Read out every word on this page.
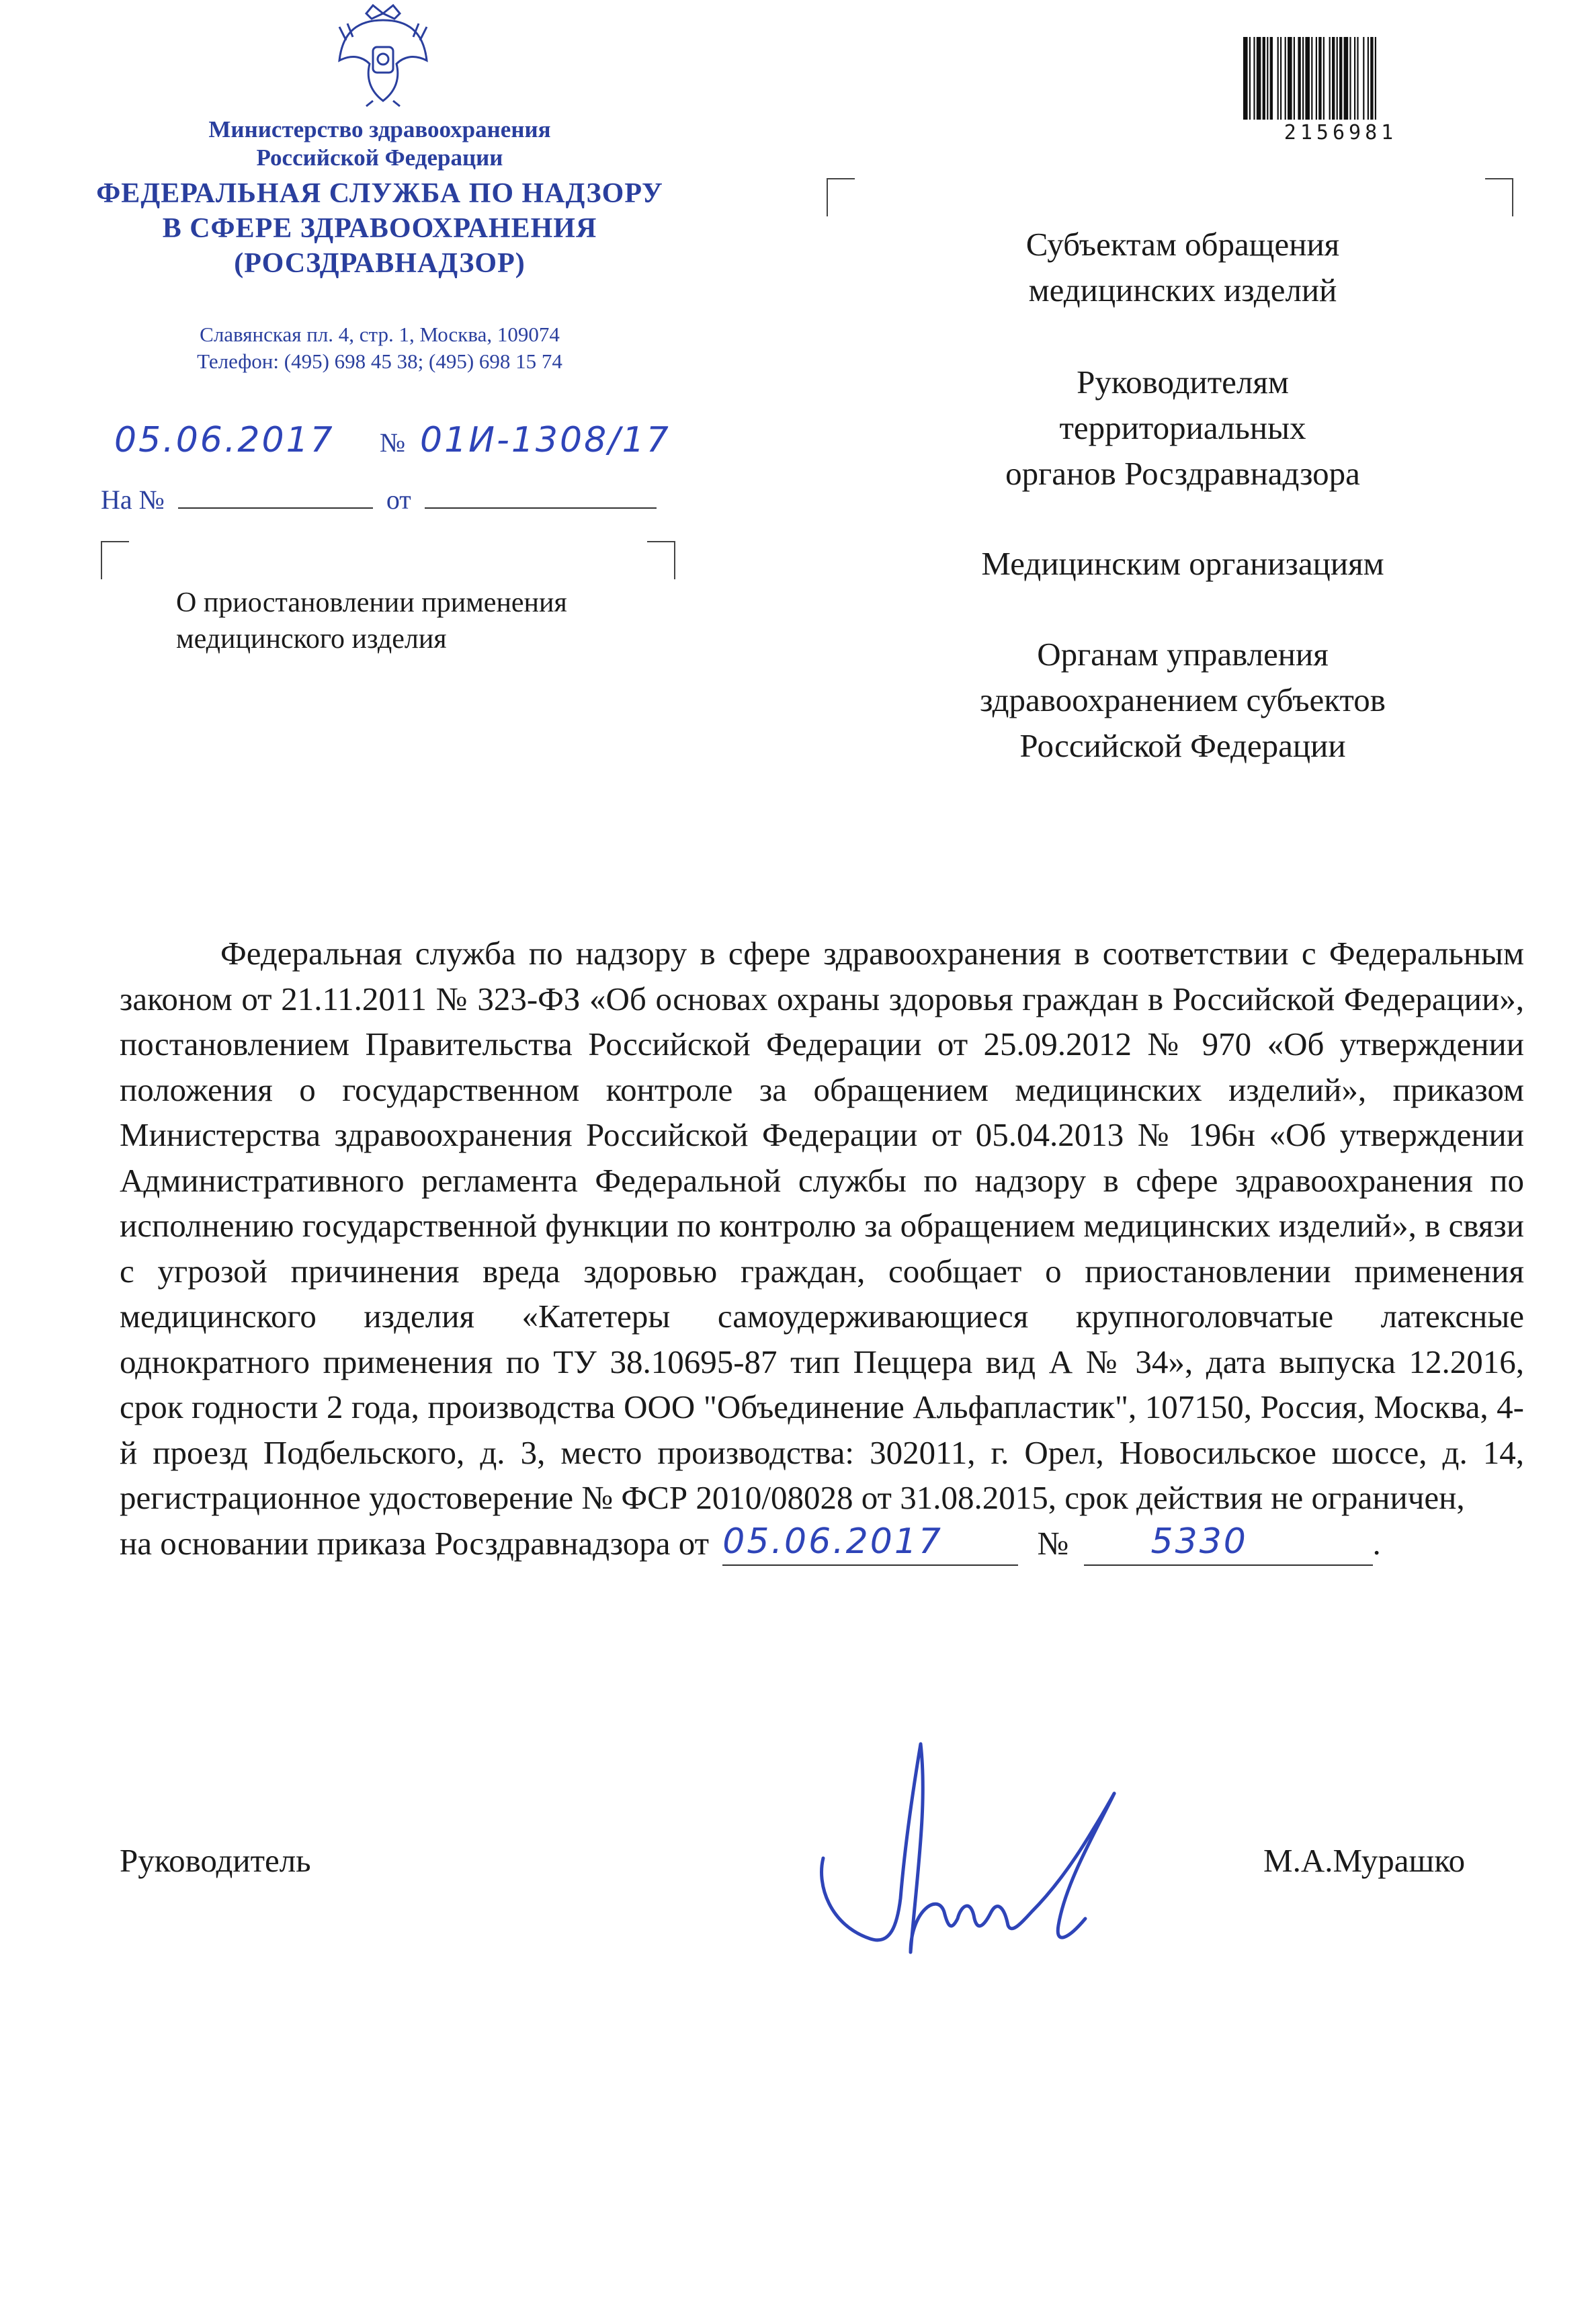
Министерство здравоохранения
Российской Федерации
ФЕДЕРАЛЬНАЯ СЛУЖБА ПО НАДЗОРУ
В СФЕРЕ ЗДРАВООХРАНЕНИЯ
(РОСЗДРАВНАДЗОР)
Славянская пл. 4, стр. 1, Москва, 109074
Телефон: (495) 698 45 38; (495) 698 15 74
05.06.2017 № 01И-1308/17
На №	от
О приостановлении применения
медицинского изделия
2156981
Субъектам обращения
медицинских изделий
Руководителям
территориальных
органов Росздравнадзора
Медицинским организациям
Органам управления
здравоохранением субъектов
Российской Федерации

Федеральная служба по надзору в сфере здравоохранения в соответствии с Федеральным законом от 21.11.2011 № 323-ФЗ «Об основах охраны здоровья граждан в Российской Федерации», постановлением Правительства Российской Федерации от 25.09.2012 № 970 «Об утверждении положения о государственном контроле за обращением медицинских изделий», приказом Министерства здравоохранения Российской Федерации от 05.04.2013 № 196н «Об утверждении Административного регламента Федеральной службы по надзору в сфере здравоохранения по исполнению государственной функции по контролю за обращением медицинских изделий», в связи с угрозой причинения вреда здоровью граждан, сообщает о приостановлении применения медицинского изделия «Катетеры самоудерживающиеся крупноголовчатые латексные однократного применения по ТУ 38.10695-87 тип Пеццера вид А № 34», дата выпуска 12.2016, срок годности 2 года, производства ООО "Объединение Альфапластик", 107150, Россия, Москва, 4-й проезд Подбельского, д. 3, место производства: 302011, г. Орел, Новосильское шоссе, д. 14, регистрационное удостоверение № ФСР 2010/08028 от 31.08.2015, срок действия не ограничен,

на основании приказа Росздравнадзора от 05.06.2017	№ 5330	.
Руководитель	М.А.Мурашко
